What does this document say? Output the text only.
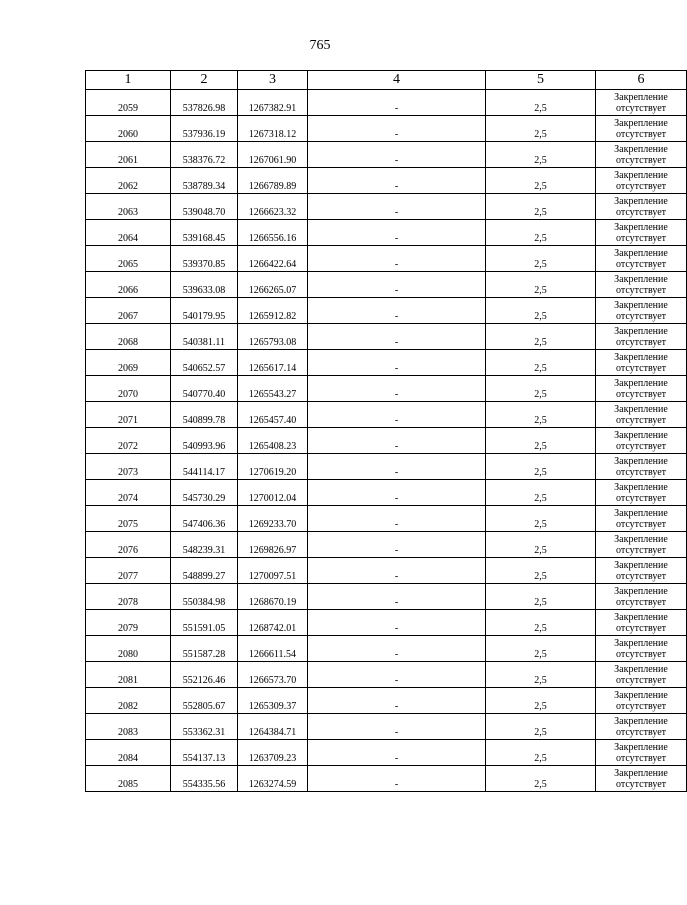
765
1	2	3	4	5	6
2059	537826.98	1267382.91	-	2,5	Закрепление отсутствует
2060	537936.19	1267318.12	-	2,5	Закрепление отсутствует
2061	538376.72	1267061.90	-	2,5	Закрепление отсутствует
2062	538789.34	1266789.89	-	2,5	Закрепление отсутствует
2063	539048.70	1266623.32	-	2,5	Закрепление отсутствует
2064	539168.45	1266556.16	-	2,5	Закрепление отсутствует
2065	539370.85	1266422.64	-	2,5	Закрепление отсутствует
2066	539633.08	1266265.07	-	2,5	Закрепление отсутствует
2067	540179.95	1265912.82	-	2,5	Закрепление отсутствует
2068	540381.11	1265793.08	-	2,5	Закрепление отсутствует
2069	540652.57	1265617.14	-	2,5	Закрепление отсутствует
2070	540770.40	1265543.27	-	2,5	Закрепление отсутствует
2071	540899.78	1265457.40	-	2,5	Закрепление отсутствует
2072	540993.96	1265408.23	-	2,5	Закрепление отсутствует
2073	544114.17	1270619.20	-	2,5	Закрепление отсутствует
2074	545730.29	1270012.04	-	2,5	Закрепление отсутствует
2075	547406.36	1269233.70	-	2,5	Закрепление отсутствует
2076	548239.31	1269826.97	-	2,5	Закрепление отсутствует
2077	548899.27	1270097.51	-	2,5	Закрепление отсутствует
2078	550384.98	1268670.19	-	2,5	Закрепление отсутствует
2079	551591.05	1268742.01	-	2,5	Закрепление отсутствует
2080	551587.28	1266611.54	-	2,5	Закрепление отсутствует
2081	552126.46	1266573.70	-	2,5	Закрепление отсутствует
2082	552805.67	1265309.37	-	2,5	Закрепление отсутствует
2083	553362.31	1264384.71	-	2,5	Закрепление отсутствует
2084	554137.13	1263709.23	-	2,5	Закрепление отсутствует
2085	554335.56	1263274.59	-	2,5	Закрепление отсутствует
